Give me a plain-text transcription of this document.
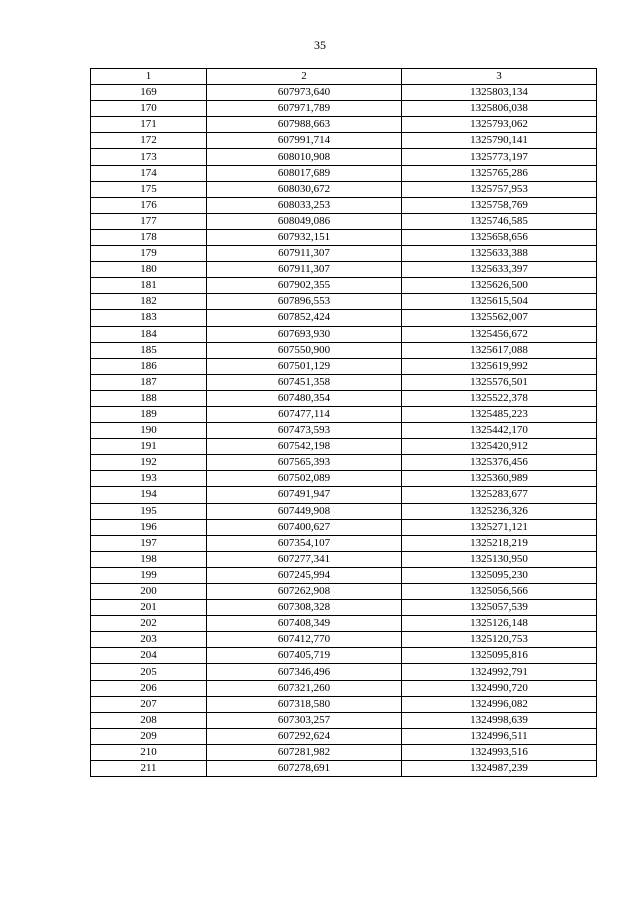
35
1	2	3
169	607973,640	1325803,134
170	607971,789	1325806,038
171	607988,663	1325793,062
172	607991,714	1325790,141
173	608010,908	1325773,197
174	608017,689	1325765,286
175	608030,672	1325757,953
176	608033,253	1325758,769
177	608049,086	1325746,585
178	607932,151	1325658,656
179	607911,307	1325633,388
180	607911,307	1325633,397
181	607902,355	1325626,500
182	607896,553	1325615,504
183	607852,424	1325562,007
184	607693,930	1325456,672
185	607550,900	1325617,088
186	607501,129	1325619,992
187	607451,358	1325576,501
188	607480,354	1325522,378
189	607477,114	1325485,223
190	607473,593	1325442,170
191	607542,198	1325420,912
192	607565,393	1325376,456
193	607502,089	1325360,989
194	607491,947	1325283,677
195	607449,908	1325236,326
196	607400,627	1325271,121
197	607354,107	1325218,219
198	607277,341	1325130,950
199	607245,994	1325095,230
200	607262,908	1325056,566
201	607308,328	1325057,539
202	607408,349	1325126,148
203	607412,770	1325120,753
204	607405,719	1325095,816
205	607346,496	1324992,791
206	607321,260	1324990,720
207	607318,580	1324996,082
208	607303,257	1324998,639
209	607292,624	1324996,511
210	607281,982	1324993,516
211	607278,691	1324987,239
